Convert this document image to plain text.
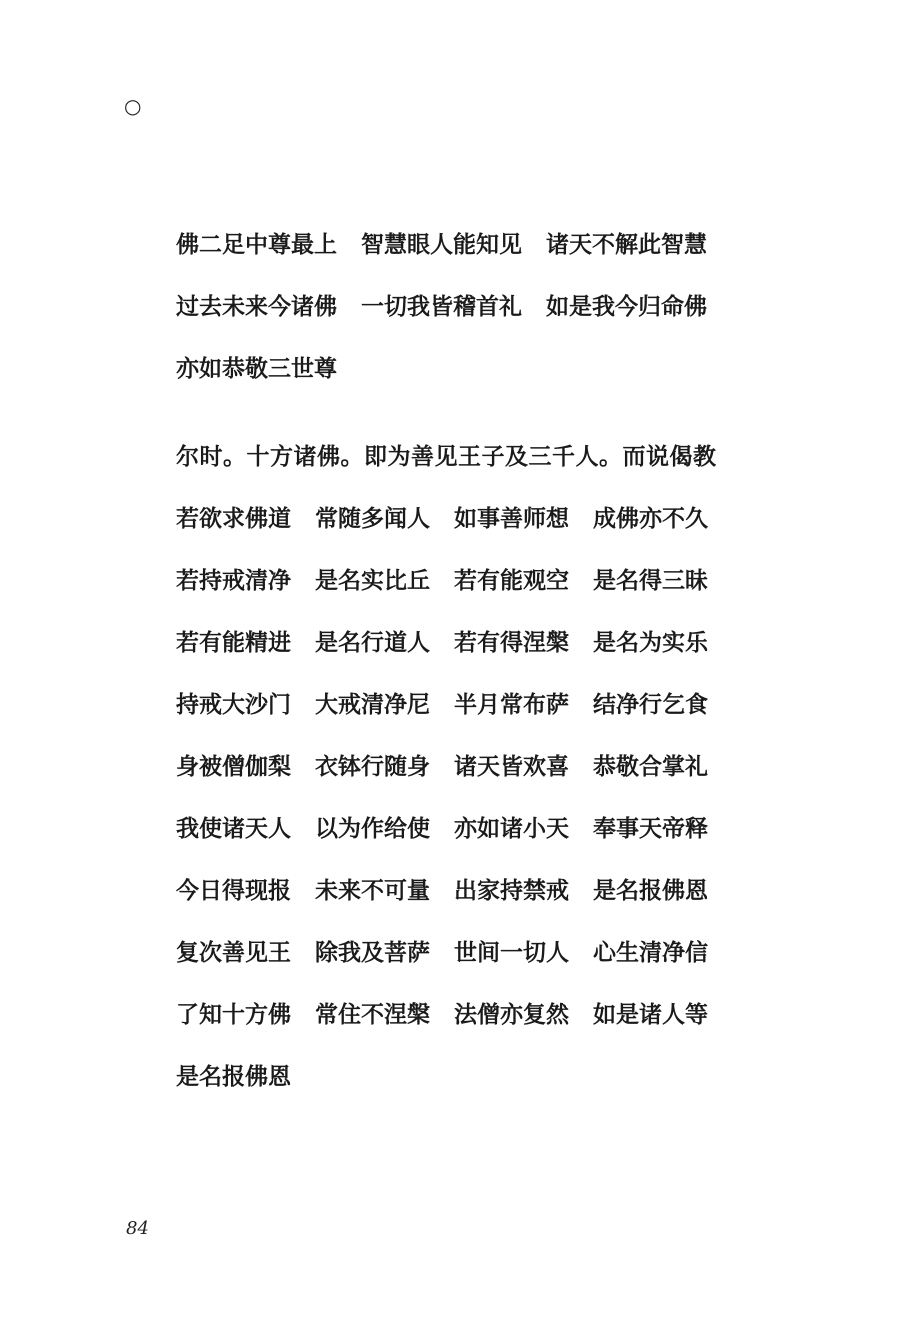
○
佛二足中尊最上 智慧眼人能知见 诸天不解此智慧
过去未来今诸佛 一切我皆稽首礼 如是我今归命佛
亦如恭敬三世尊
尔时。十方诸佛。即为善见王子及三千人。而说偈教
若欲求佛道 常随多闻人 如事善师想 成佛亦不久
若持戒清净 是名实比丘 若有能观空 是名得三昧
若有能精进 是名行道人 若有得涅槃 是名为实乐
持戒大沙门 大戒清净尼 半月常布萨 结净行乞食
身被僧伽梨 衣钵行随身 诸天皆欢喜 恭敬合掌礼
我使诸天人 以为作给使 亦如诸小天 奉事天帝释
今日得现报 未来不可量 出家持禁戒 是名报佛恩
复次善见王 除我及菩萨 世间一切人 心生清净信
了知十方佛 常住不涅槃 法僧亦复然 如是诸人等
是名报佛恩
84
